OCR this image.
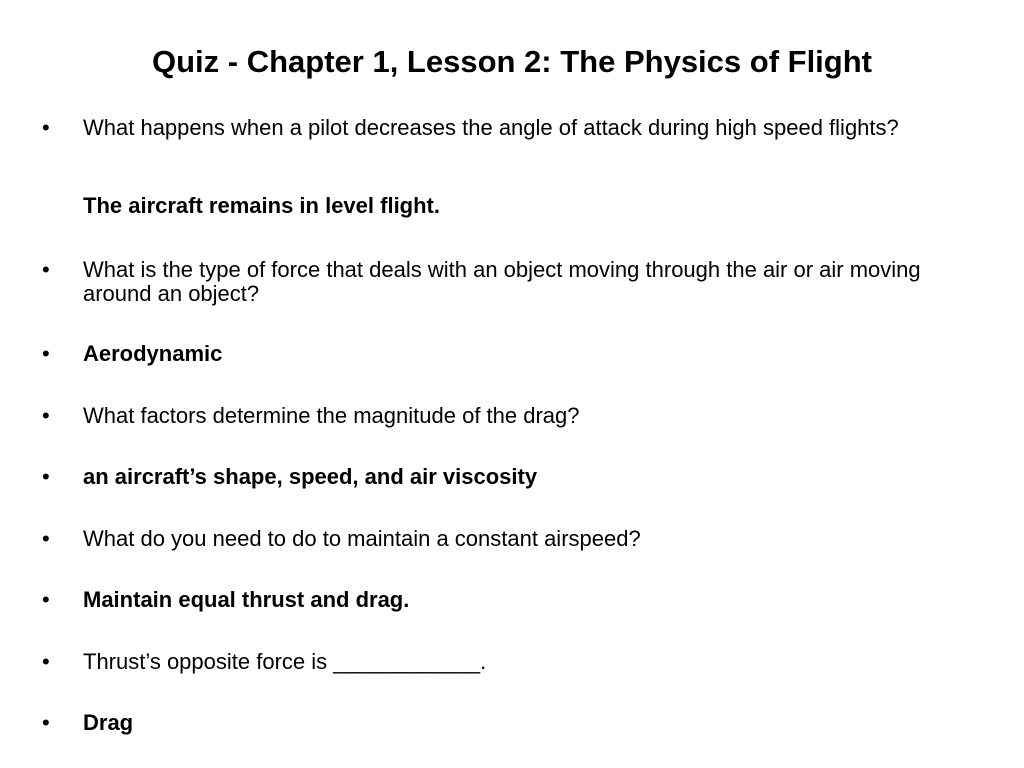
Quiz - Chapter 1, Lesson 2: The Physics of Flight
• What happens when a pilot decreases the angle of attack during high speed flights?
The aircraft remains in level flight.
• What is the type of force that deals with an object moving through the air or air moving around an object?
• Aerodynamic
• What factors determine the magnitude of the drag?
• an aircraft’s shape, speed, and air viscosity
• What do you need to do to maintain a constant airspeed?
• Maintain equal thrust and drag.
• Thrust’s opposite force is ____________.
• Drag
